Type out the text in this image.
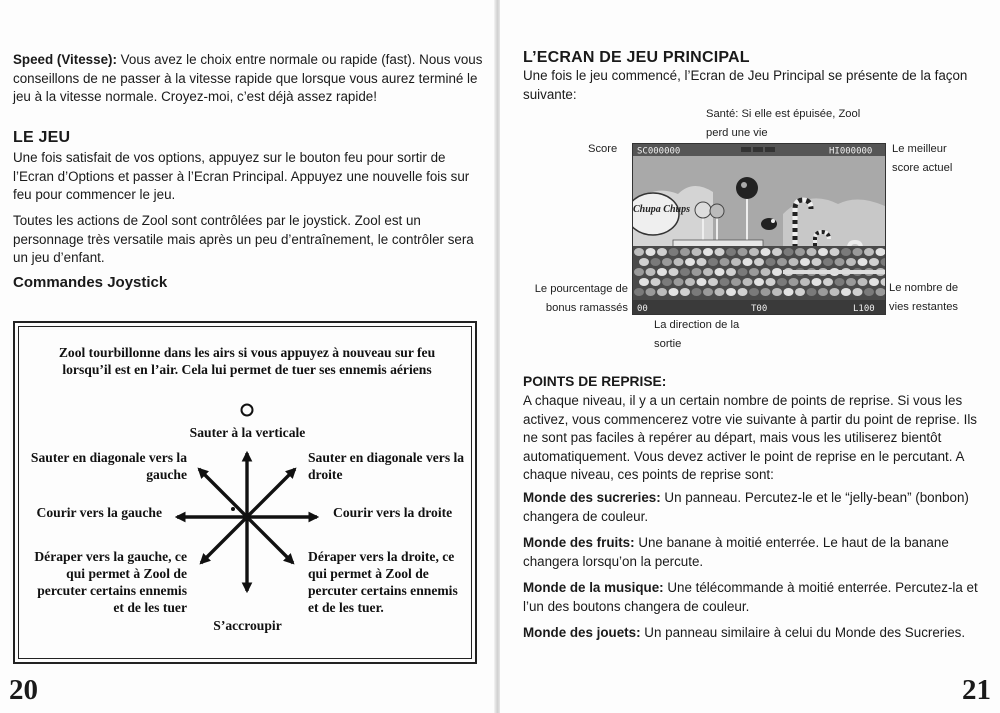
Speed (Vitesse): Vous avez le choix entre normale ou rapide (fast). Nous vous conseillons de ne passer à la vitesse rapide que lorsque vous aurez terminé le jeu à la vitesse normale. Croyez-moi, c’est déjà assez rapide!

LE JEU

Une fois satisfait de vos options, appuyez sur le bouton feu pour sortir de l’Ecran d’Options et passer à l’Ecran Principal. Appuyez une nouvelle fois sur feu pour commencer le jeu.

Toutes les actions de Zool sont contrôlées par le joystick. Zool est un personnage très versatile mais après un peu d’entraînement, le contrôler sera un jeu d’enfant.

Commandes Joystick
Zool tourbillonne dans les airs si vous appuyez à nouveau sur feu lorsqu’il est en l’air. Cela lui permet de tuer ses ennemis aériens
Sauter à la verticale
Sauter en diagonale vers la gauche
Sauter en diagonale vers la droite
Courir vers la gauche	Courir vers la droite
Déraper vers la gauche, ce qui permet à Zool de percuter certains ennemis et de les tuer
Déraper vers la droite, ce qui permet à Zool de percuter certains ennemis et de les tuer.
S’accroupir
20
L’ECRAN DE JEU PRINCIPAL

Une fois le jeu commencé, l’Ecran de Jeu Principal se présente de la façon suivante:

Santé: Si elle est épuisée, Zool perd une vie
Score	Le meilleur score actuel
Le pourcentage de bonus ramassés
Le nombre de vies restantes
La direction de la sortie
POINTS DE REPRISE:

A chaque niveau, il y a un certain nombre de points de reprise. Si vous les activez, vous commencerez votre vie suivante à partir du point de reprise. Ils ne sont pas faciles à repérer au départ, mais vous les utiliserez bientôt automatiquement. Vous devez activer le point de reprise en le percutant. A chaque niveau, ces points de reprise sont:

Monde des sucreries: Un panneau. Percutez-le et le “jelly-bean” (bonbon) changera de couleur.

Monde des fruits: Une banane à moitié enterrée. Le haut de la banane changera lorsqu’on la percute.

Monde de la musique: Une télécommande à moitié enterrée. Percutez-la et l’un des boutons changera de couleur.

Monde des jouets: Un panneau similaire à celui du Monde des Sucreries.

21
SC000000	HI000000
Chupa Chups
00	T00	L100
